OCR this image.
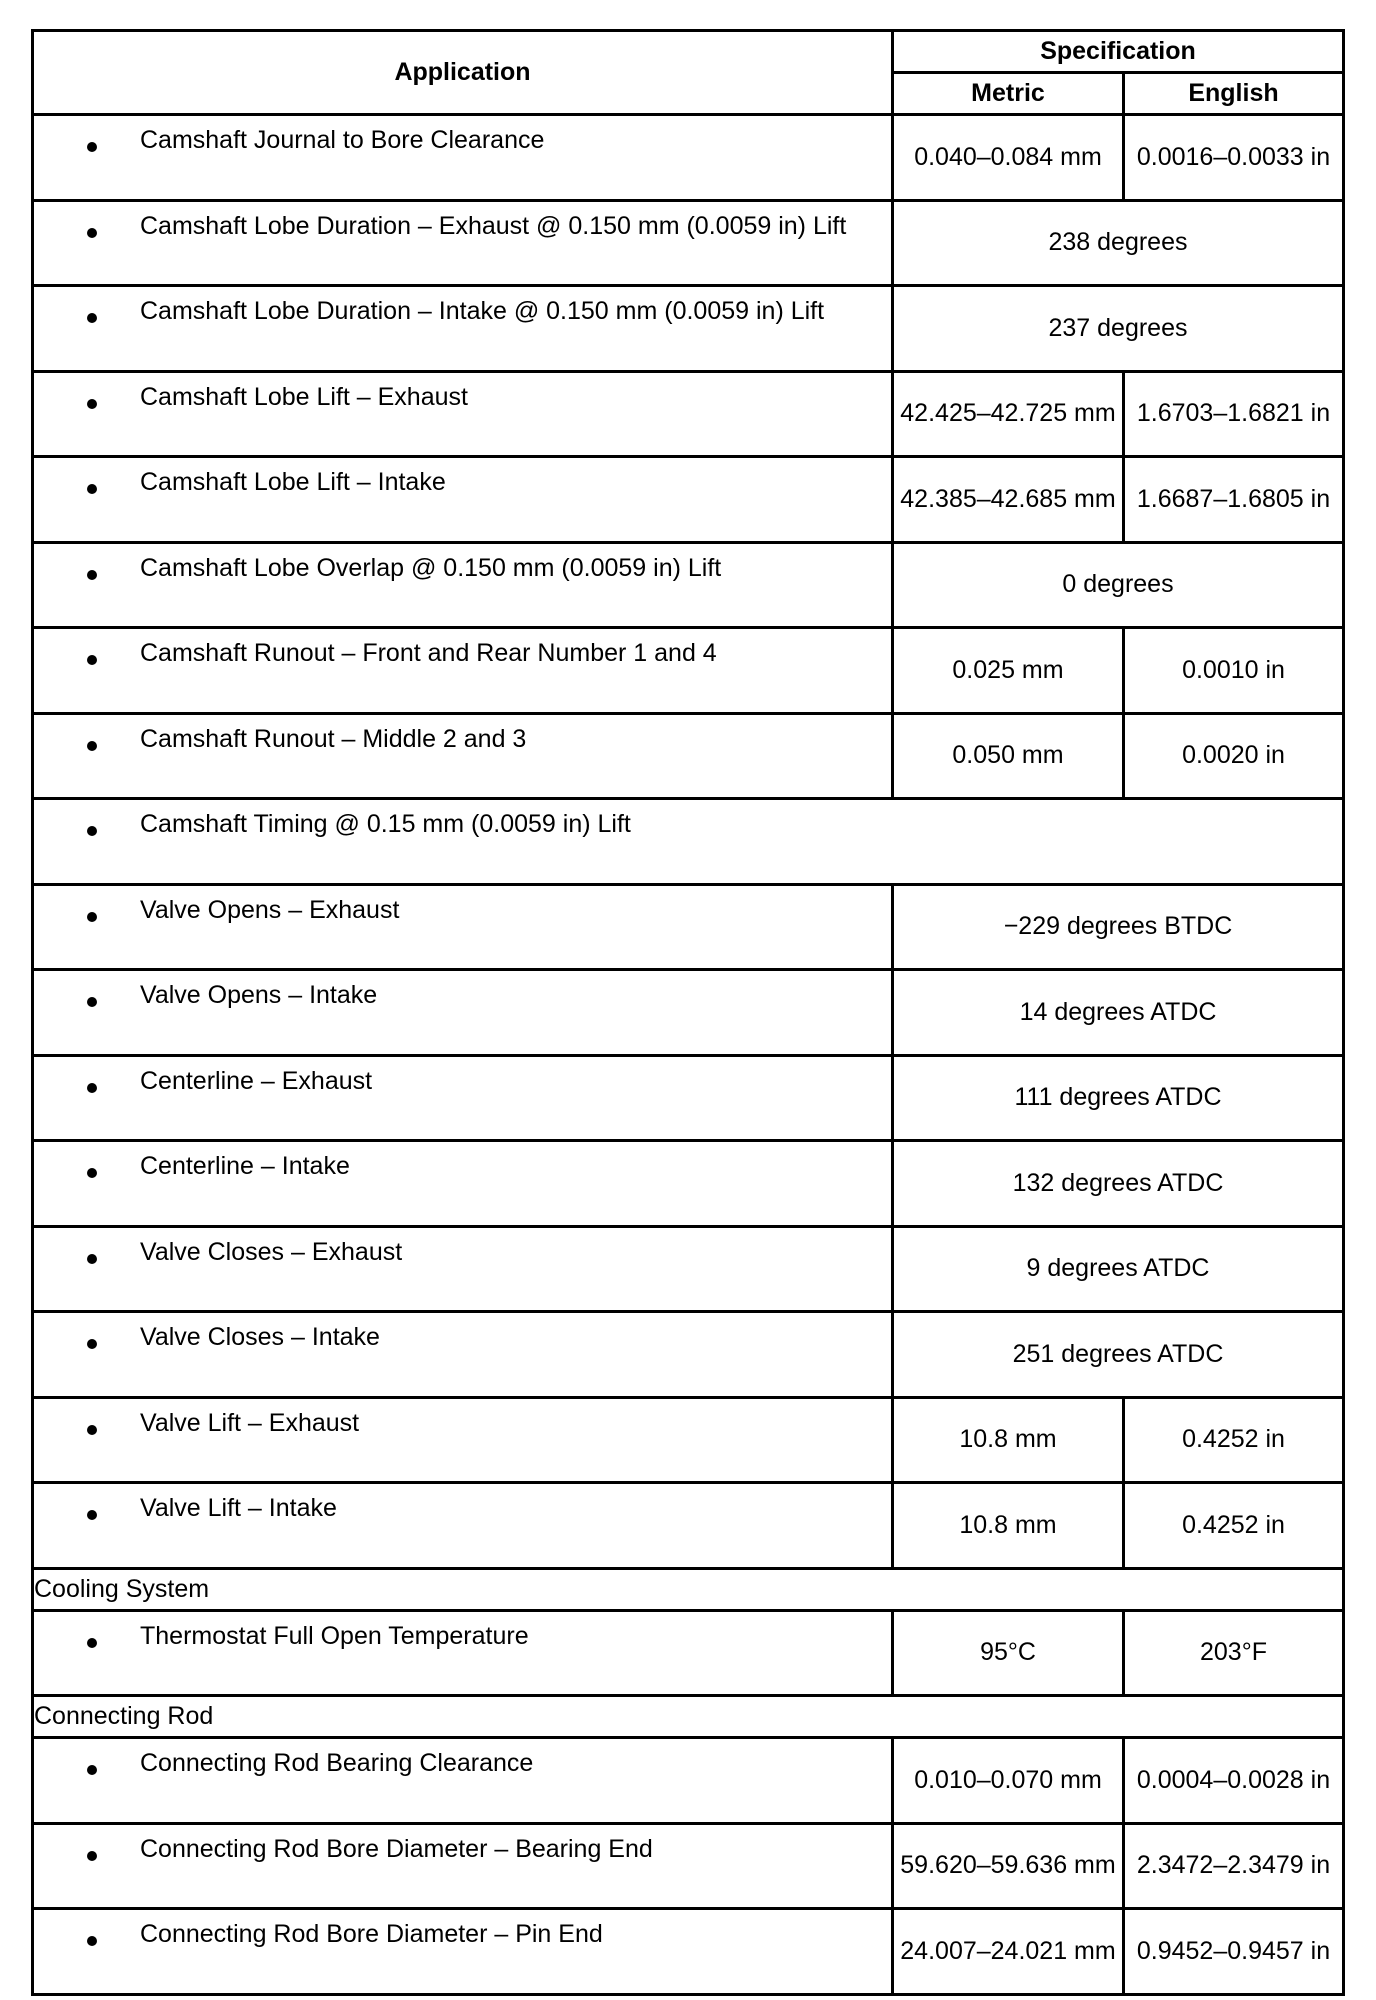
Application	Specification	
	Metric	English

Camshaft Journal to Bore Clearance	0.040–0.084 mm	0.0016–0.0033 in

Camshaft Lobe Duration – Exhaust @ 0.150 mm (0.0059 in) Lift	238 degrees	

Camshaft Lobe Duration – Intake @ 0.150 mm (0.0059 in) Lift	237 degrees	

Camshaft Lobe Lift – Exhaust	42.425–42.725 mm	1.6703–1.6821 in

Camshaft Lobe Lift – Intake	42.385–42.685 mm	1.6687–1.6805 in

Camshaft Lobe Overlap @ 0.150 mm (0.0059 in) Lift	0 degrees	

Camshaft Runout – Front and Rear Number 1 and 4	0.025 mm	0.0010 in

Camshaft Runout – Middle 2 and 3	0.050 mm	0.0020 in

Camshaft Timing @ 0.15 mm (0.0059 in) Lift		

Valve Opens – Exhaust	−229 degrees BTDC	

Valve Opens – Intake	14 degrees ATDC	

Centerline – Exhaust	111 degrees ATDC	

Centerline – Intake	132 degrees ATDC	

Valve Closes – Exhaust	9 degrees ATDC	

Valve Closes – Intake	251 degrees ATDC	

Valve Lift – Exhaust	10.8 mm	0.4252 in

Valve Lift – Intake	10.8 mm	0.4252 in
Cooling System		

Thermostat Full Open Temperature	95°C	203°F
Connecting Rod		

Connecting Rod Bearing Clearance	0.010–0.070 mm	0.0004–0.0028 in

Connecting Rod Bore Diameter – Bearing End	59.620–59.636 mm	2.3472–2.3479 in

Connecting Rod Bore Diameter – Pin End	24.007–24.021 mm	0.9452–0.9457 in
